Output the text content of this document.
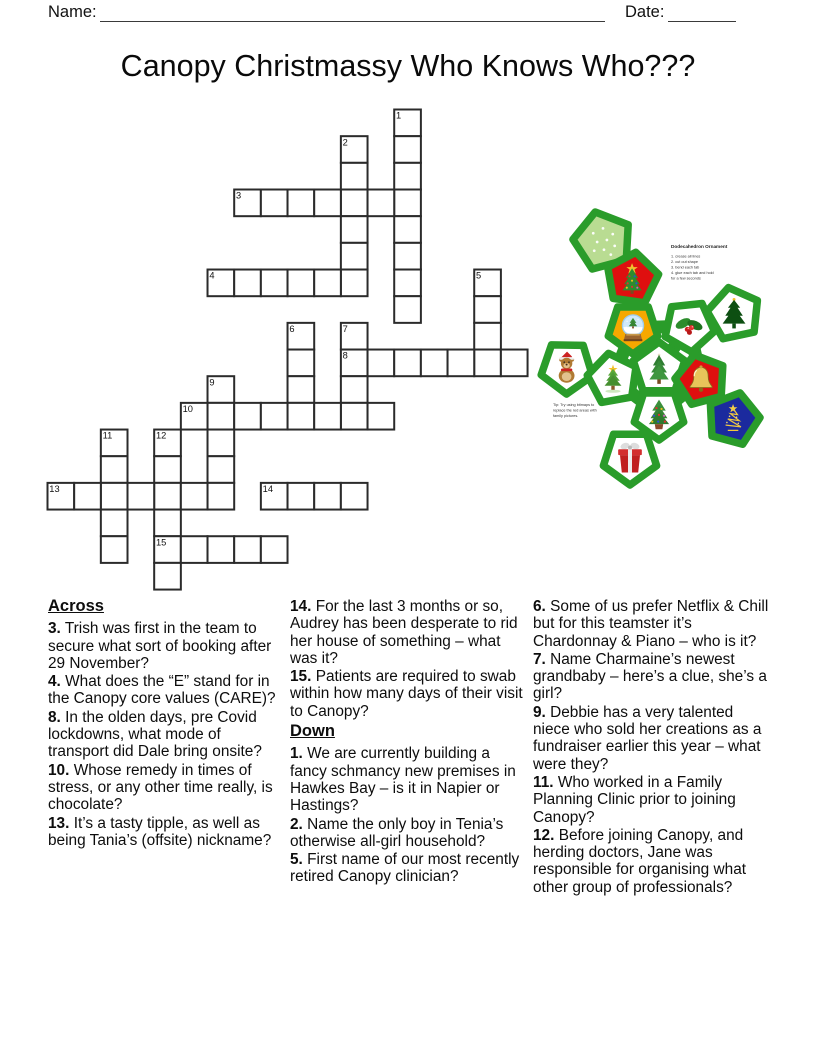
Name:	Date:
Canopy Christmassy Who Knows Who???
1
2
3
4	5
6	7
8
9
10
11	12
13	14
15
Dodecahedron Ornament
1. crease all lines
2. cut out shape
3. bend each tab
4. glue each tab and hold
for a few seconds
Tip: Try using bitmaps to
replace the red areas with
family pictures.
Across

3. Trish was first in the team to secure what sort of booking after 29 November?

4. What does the “E” stand for in the Canopy core values (CARE)?

8. In the olden days, pre Covid lockdowns, what mode of transport did Dale bring onsite?

10. Whose remedy in times of stress, or any other time really, is chocolate?

13. It’s a tasty tipple, as well as being Tania’s (offsite) nickname?

14. For the last 3 months or so, Audrey has been desperate to rid her house of something – what was it?

15. Patients are required to swab within how many days of their visit to Canopy?

Down

1. We are currently building a fancy schmancy new premises in Hawkes Bay – is it in Napier or Hastings?

2. Name the only boy in Tenia’s otherwise all-girl household?

5. First name of our most recently retired Canopy clinician?

6. Some of us prefer Netflix & Chill but for this teamster it’s Chardonnay & Piano – who is it?

7. Name Charmaine’s newest grandbaby – here’s a clue, she’s a girl?

9. Debbie has a very talented niece who sold her creations as a fundraiser earlier this year – what were they?

11. Who worked in a Family Planning Clinic prior to joining Canopy?

12. Before joining Canopy, and herding doctors, Jane was responsible for organising what other group of professionals?
